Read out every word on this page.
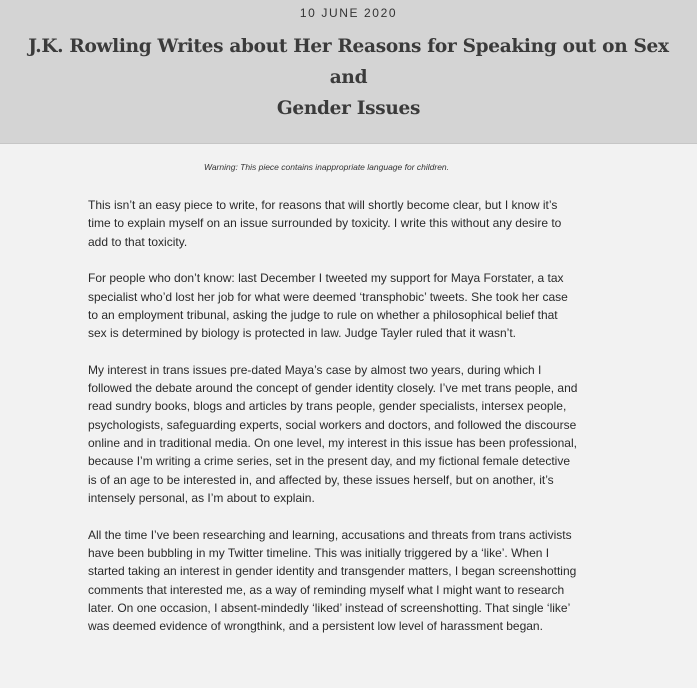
10 JUNE 2020
J.K. Rowling Writes about Her Reasons for Speaking out on Sex and
Gender Issues
Warning: This piece contains inappropriate language for children.

This isn’t an easy piece to write, for reasons that will shortly become clear, but I know it’s time to explain myself on an issue surrounded by toxicity. I write this without any desire to add to that toxicity.

For people who don’t know: last December I tweeted my support for Maya Forstater, a tax specialist who’d lost her job for what were deemed ‘transphobic’ tweets. She took her case to an employment tribunal, asking the judge to rule on whether a philosophical belief that sex is determined by biology is protected in law. Judge Tayler ruled that it wasn’t.

My interest in trans issues pre-dated Maya’s case by almost two years, during which I followed the debate around the concept of gender identity closely. I’ve met trans people, and read sundry books, blogs and articles by trans people, gender specialists, intersex people, psychologists, safeguarding experts, social workers and doctors, and followed the discourse online and in traditional media. On one level, my interest in this issue has been professional, because I’m writing a crime series, set in the present day, and my fictional female detective is of an age to be interested in, and affected by, these issues herself, but on another, it’s intensely personal, as I’m about to explain.

All the time I’ve been researching and learning, accusations and threats from trans activists have been bubbling in my Twitter timeline. This was initially triggered by a ‘like’. When I started taking an interest in gender identity and transgender matters, I began screenshotting comments that interested me, as a way of reminding myself what I might want to research later. On one occasion, I absent-mindedly ‘liked’ instead of screenshotting. That single ‘like’ was deemed evidence of wrongthink, and a persistent low level of harassment began.
